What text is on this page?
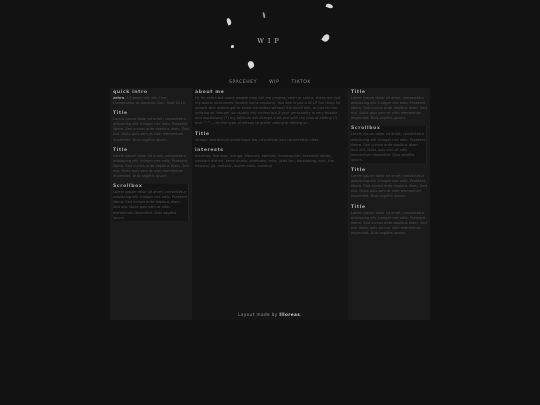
WIP
SPACEHEY	WIP	TIKTOK
quick intro
zehra, 14 years old, she / her, Consectetur at dapibus. Dec, Sept 2012.
Title
Lorem ipsum dolor sit amet, consectetur adipiscing elit. Integer nec odio. Praesent libero. Sed cursus ante dapibus diam. Sed nisi. Nulla quis sem at nibh elementum imperdiet. Duis sagittis ipsum.
Title
Lorem ipsum dolor sit amet, consectetur adipiscing elit. Integer nec odio. Praesent libero. Sed cursus ante dapibus diam. Sed nisi. Nulla quis sem at nibh elementum imperdiet. Duis sagittis ipsum.
Scrollbox
Lorem ipsum dolor sit amet, consectetur adipiscing elit. Integer nec odio. Praesent libero. Sed cursus ante dapibus diam. Sed nisi. Nulla quis sem at nibh elementum imperdiet. Duis sagittis ipsum.
about me
Hi, im zehra but some people may call me pmpms, zeeri or sairuz. these are just my online nicknames (mostly some random). this site is just a W-I-P fun thing for people who wanna get to know me better without the small talk, or just for fun. utilizing as 'though' so usually dry on feel but if your personality is very bubbly and explosively (*) my attitude will change a bit and with the plus of adding (!) and '^^'... im the type of person to prefer calling or talking on...
Title
Integer vestibulum scelerisque leo, ut pretium orci consectetur vitae.
interests
manhwa, manhua, manga, bleucert, swimmt, homosapher, taekmak roblox, valorant district, kenzi studio, pixelcake, misc, ytb4-fun, bouldering, epic, the musical, jjk, metallic, anime edits, makeup
Title
Lorem ipsum dolor sit amet, consectetur adipiscing elit. Integer nec odio. Praesent libero. Sed cursus ante dapibus diam. Sed nisi. Nulla quis sem at nibh elementum imperdiet. Duis sagittis ipsum.
Scrollbox
Lorem ipsum dolor sit amet, consectetur adipiscing elit. Integer nec odio. Praesent libero. Sed cursus ante dapibus diam. Sed nisi. Nulla quis sem at nibh elementum imperdiet. Duis sagittis ipsum.
Title
Lorem ipsum dolor sit amet, consectetur adipiscing elit. Integer nec odio. Praesent libero. Sed cursus ante dapibus diam. Sed nisi. Nulla quis sem at nibh elementum imperdiet. Duis sagittis ipsum.
Title
Lorem ipsum dolor sit amet, consectetur adipiscing elit. Integer nec odio. Praesent libero. Sed cursus ante dapibus diam. Sed nisi. Nulla quis sem at nibh elementum imperdiet. Duis sagittis ipsum.
Layout made by Illoreas.
